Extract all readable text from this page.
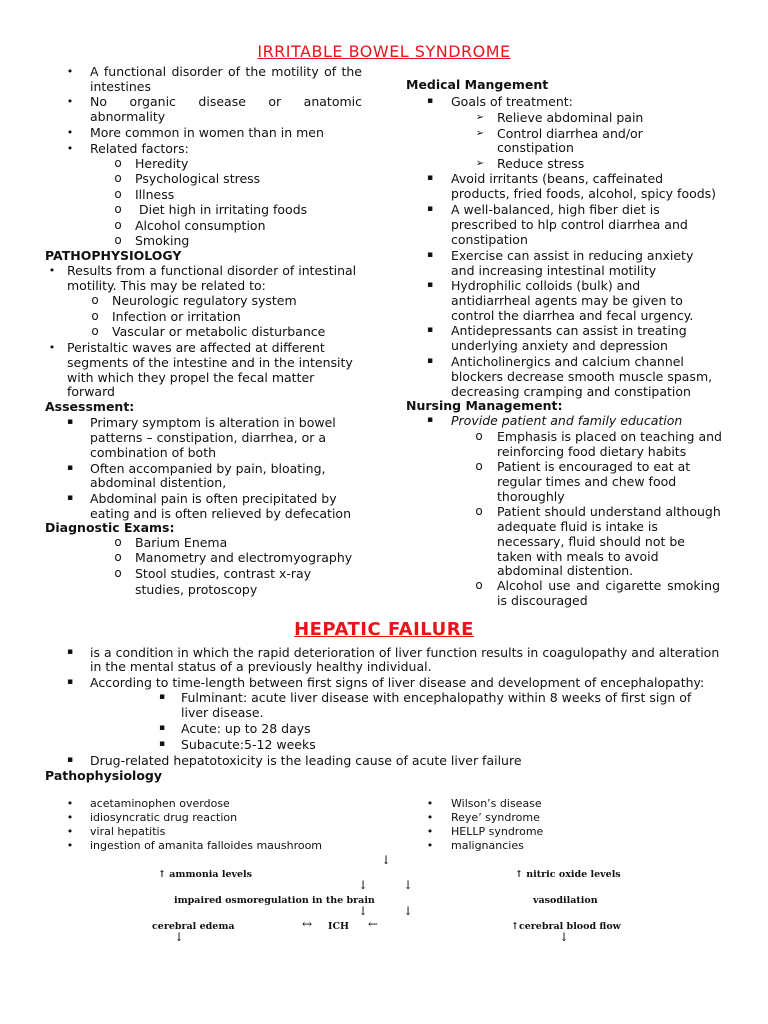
IRRITABLE BOWEL SYNDROME
•	A functional disorder of the motility of the
intestines
•	No organic disease or anatomic
abnormality
•	More common in women than in men
•	Related factors:
o Heredity
o Psychological stress
o Illness
o Diet high in irritating foods
o Alcohol consumption
o Smoking
PATHOPHYSIOLOGY
• Results from a functional disorder of intestinal
motility. This may be related to:
o Neurologic regulatory system
o Infection or irritation
o Vascular or metabolic disturbance
• Peristaltic waves are affected at different
segments of the intestine and in the intensity
with which they propel the fecal matter
forward
Assessment:
▪	Primary symptom is alteration in bowel
patterns – constipation, diarrhea, or a
combination of both
▪	Often accompanied by pain, bloating,
abdominal distention,
▪	Abdominal pain is often precipitated by
eating and is often relieved by defecation
Diagnostic Exams:
o Barium Enema
o Manometry and electromyography
o Stool studies, contrast x-ray
studies, protoscopy
Medical Mangement
▪	Goals of treatment:
➢ Relieve abdominal pain
➢ Control diarrhea and/or
constipation
➢ Reduce stress
▪	Avoid irritants (beans, caffeinated
products, fried foods, alcohol, spicy foods)
▪	A well-balanced, high fiber diet is
prescribed to hlp control diarrhea and
constipation
▪	Exercise can assist in reducing anxiety
and increasing intestinal motility
▪	Hydrophilic colloids (bulk) and
antidiarrheal agents may be given to
control the diarrhea and fecal urgency.
▪	Antidepressants can assist in treating
underlying anxiety and depression
▪	Anticholinergics and calcium channel
blockers decrease smooth muscle spasm,
decreasing cramping and constipation
Nursing Management:
▪	Provide patient and family education
o Emphasis is placed on teaching and
reinforcing food dietary habits
o Patient is encouraged to eat at
regular times and chew food
thoroughly
o Patient should understand although
adequate fluid is intake is
necessary, fluid should not be
taken with meals to avoid
abdominal distention.
o Alcohol use and cigarette smoking
is discouraged
HEPATIC FAILURE
▪	is a condition in which the rapid deterioration of liver function results in coagulopathy and alteration
in the mental status of a previously healthy individual.
▪	According to time-length between first signs of liver disease and development of encephalopathy:
▪	Fulminant: acute liver disease with encephalopathy within 8 weeks of first sign of
liver disease.
▪	Acute: up to 28 days
▪	Subacute:5-12 weeks
▪	Drug-related hepatotoxicity is the leading cause of acute liver failure
Pathophysiology
•	acetaminophen overdose
•	idiosyncratic drug reaction
•	viral hepatitis
•	ingestion of amanita falloides maushroom
•	Wilson’s disease
•	Reye’ syndrome
•	HELLP syndrome
•	malignancies
↓
↑ ammonia levels	↑ nitric oxide levels
↓	↓
impaired osmoregulation in the brain	vasodilation
↓	↓
cerebral edema	↔ ICH ←	↑cerebral blood flow
↓	↓
